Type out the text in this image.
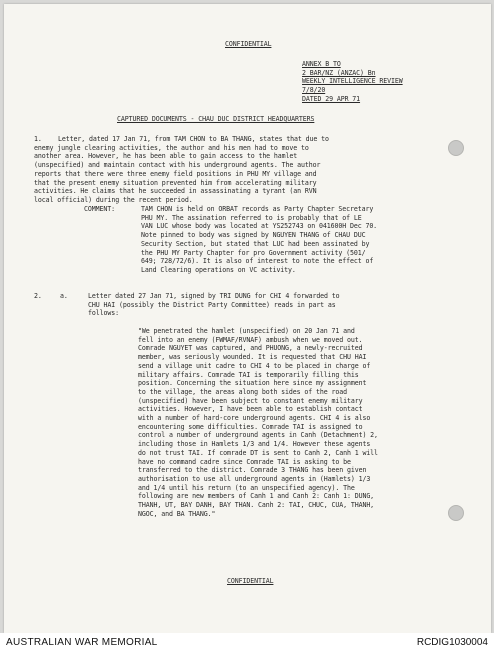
CONFIDENTIAL
ANNEX B TO
2 BAR/NZ (ANZAC) Bn
WEEKLY INTELLIGENCE REVIEW
7/8/20
DATED 29 APR 71
CAPTURED DOCUMENTS - CHAU DUC DISTRICT HEADQUARTERS
1. Letter, dated 17 Jan 71, from TAM CHON to BA THANG, states that due to
enemy jungle clearing activities, the author and his men had to move to
another area. However, he has been able to gain access to the hamlet
(unspecified) and maintain contact with his underground agents. The author
reports that there were three enemy field positions in PHU MY village and
that the present enemy situation prevented him from accelerating military
activities. He claims that he succeeded in assassinating a tyrant (an RVN
local official) during the recent period.
COMMENT:	TAM CHON is held on ORBAT records as Party Chapter Secretary
PHU MY. The assination referred to is probably that of LE
VAN LUC whose body was located at YS252743 on 041600H Dec 70.
Note pinned to body was signed by NGUYEN THANG of CHAU DUC
Security Section, but stated that LUC had been assinated by
the PHU MY Party Chapter for pro Government activity (501/
649; 728/72/6). It is also of interest to note the effect of
Land Clearing operations on VC activity.
2.	a.	Letter dated 27 Jan 71, signed by TRI DUNG for CHI 4 forwarded to
CHU HAI (possibly the District Party Committee) reads in part as
follows:
"We penetrated the hamlet (unspecified) on 20 Jan 71 and
fell into an enemy (FWMAF/RVNAF) ambush when we moved out.
Comrade NGUYET was captured, and PHUONG, a newly-recruited
member, was seriously wounded. It is requested that CHU HAI
send a village unit cadre to CHI 4 to be placed in charge of
military affairs. Comrade TAI is temporarily filling this
position. Concerning the situation here since my assignment
to the village, the areas along both sides of the road
(unspecified) have been subject to constant enemy military
activities. However, I have been able to establish contact
with a number of hard-core underground agents. CHI 4 is also
encountering some difficulties. Comrade TAI is assigned to
control a number of underground agents in Canh (Detachment) 2,
including those in Hamlets 1/3 and 1/4. However these agents
do not trust TAI. If comrade DT is sent to Canh 2, Canh 1 will
have no command cadre since Comrade TAI is asking to be
transferred to the district. Comrade 3 THANG has been given
authorisation to use all underground agents in (Hamlets) 1/3
and 1/4 until his return (to an unspecified agency). The
following are new members of Canh 1 and Canh 2: Canh 1: DUNG,
THANH, UT, BAY DANH, BAY THAN. Canh 2: TAI, CHUC, CUA, THANH,
NGOC, and BA THANG."
CONFIDENTIAL
AUSTRALIAN WAR MEMORIAL	RCDIG1030004
